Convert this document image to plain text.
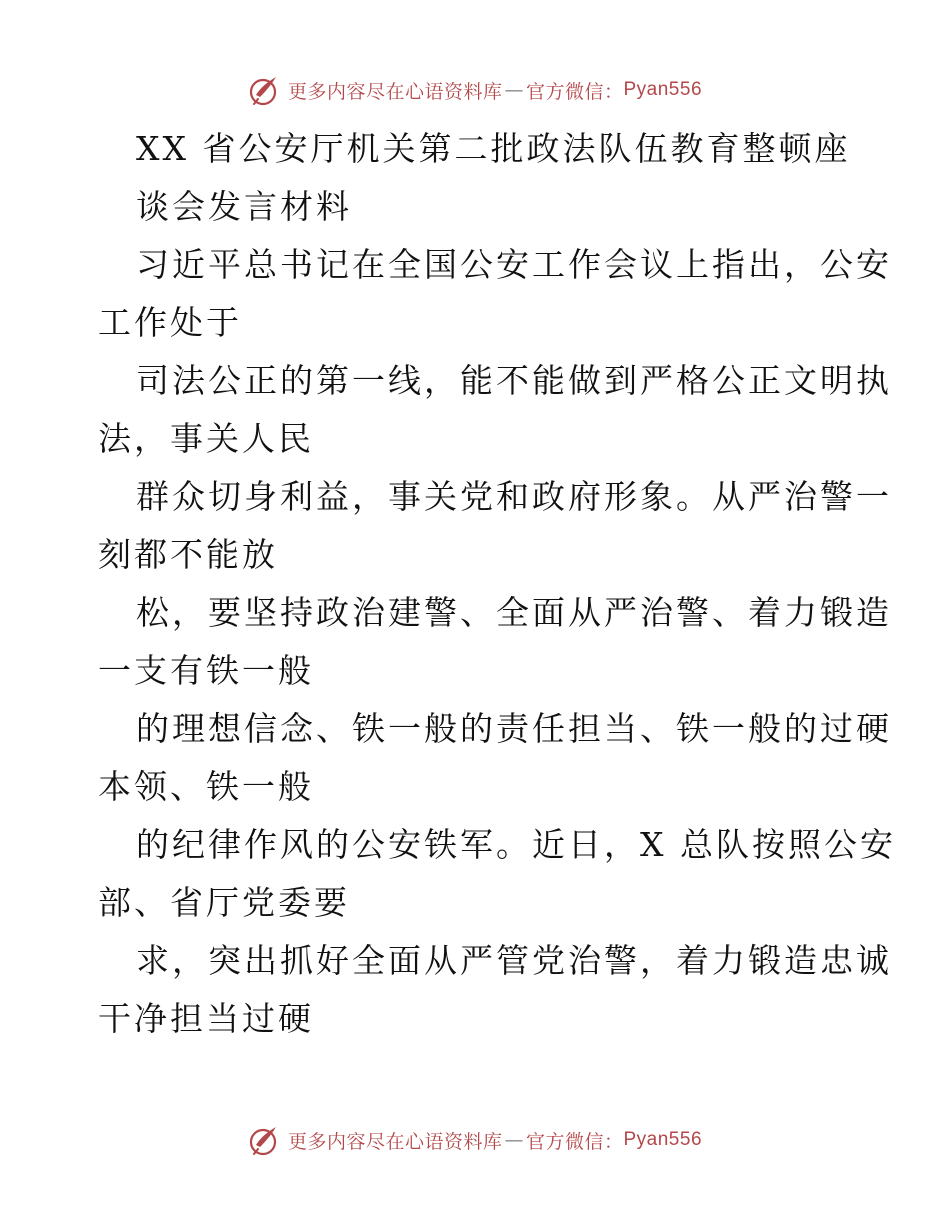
更多内容尽在心语资料库 — 官方微信： Pyan556
XX 省公安厅机关第二批政法队伍教育整顿座
谈会发言材料
习近平总书记在全国公安工作会议上指出，公安
工作处于
司法公正的第一线，能不能做到严格公正文明执
法，事关人民
群众切身利益，事关党和政府形象。从严治警一
刻都不能放
松，要坚持政治建警、全面从严治警、着力锻造
一支有铁一般
的理想信念、铁一般的责任担当、铁一般的过硬
本领、铁一般
的纪律作风的公安铁军。近日，X 总队按照公安
部、省厅党委要
求，突出抓好全面从严管党治警，着力锻造忠诚
干净担当过硬
更多内容尽在心语资料库 — 官方微信： Pyan556
